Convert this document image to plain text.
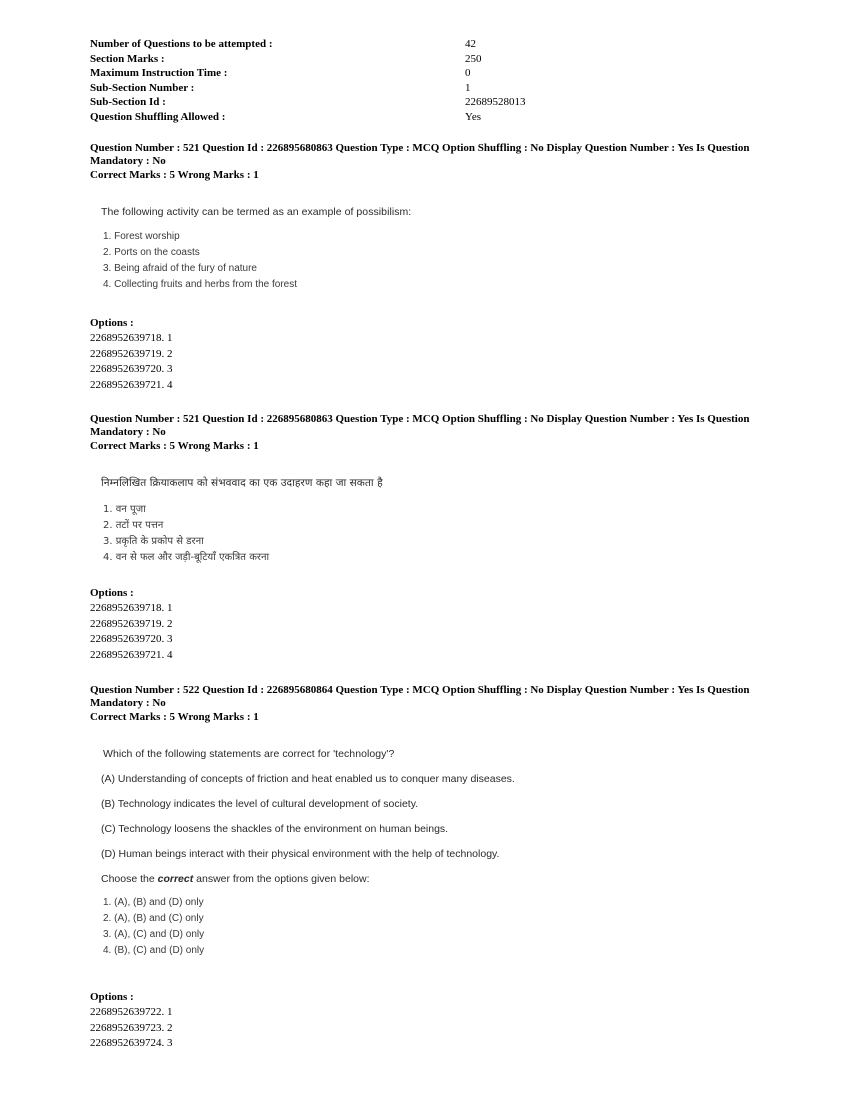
Number of Questions to be attempted :	42
Section Marks :	250
Maximum Instruction Time :	0
Sub-Section Number :	1
Sub-Section Id :	22689528013
Question Shuffling Allowed :	Yes
Question Number : 521 Question Id : 226895680863 Question Type : MCQ Option Shuffling : No Display Question Number : Yes Is Question Mandatory : No
Correct Marks : 5 Wrong Marks : 1
The following activity can be termed as an example of possibilism:
1. Forest worship
2. Ports on the coasts
3. Being afraid of the fury of nature
4. Collecting fruits and herbs from the forest
Options :
2268952639718. 1
2268952639719. 2
2268952639720. 3
2268952639721. 4
Question Number : 521 Question Id : 226895680863 Question Type : MCQ Option Shuffling : No Display Question Number : Yes Is Question Mandatory : No
Correct Marks : 5 Wrong Marks : 1
निम्नलिखित क्रियाकलाप को संभववाद का एक उदाहरण कहा जा सकता है
1. वन पूजा
2. तटों पर पत्तन
3. प्रकृति के प्रकोप से डरना
4. वन से फल और जड़ी-बूटियाँ एकत्रित करना
Options :
2268952639718. 1
2268952639719. 2
2268952639720. 3
2268952639721. 4
Question Number : 522 Question Id : 226895680864 Question Type : MCQ Option Shuffling : No Display Question Number : Yes Is Question Mandatory : No
Correct Marks : 5 Wrong Marks : 1
Which of the following statements are correct for 'technology'?
(A) Understanding of concepts of friction and heat enabled us to conquer many diseases.
(B) Technology indicates the level of cultural development of society.
(C) Technology loosens the shackles of the environment on human beings.
(D) Human beings interact with their physical environment with the help of technology.
Choose the correct answer from the options given below:
1. (A), (B) and (D) only
2. (A), (B) and (C) only
3. (A), (C) and (D) only
4. (B), (C) and (D) only
Options :
2268952639722. 1
2268952639723. 2
2268952639724. 3
